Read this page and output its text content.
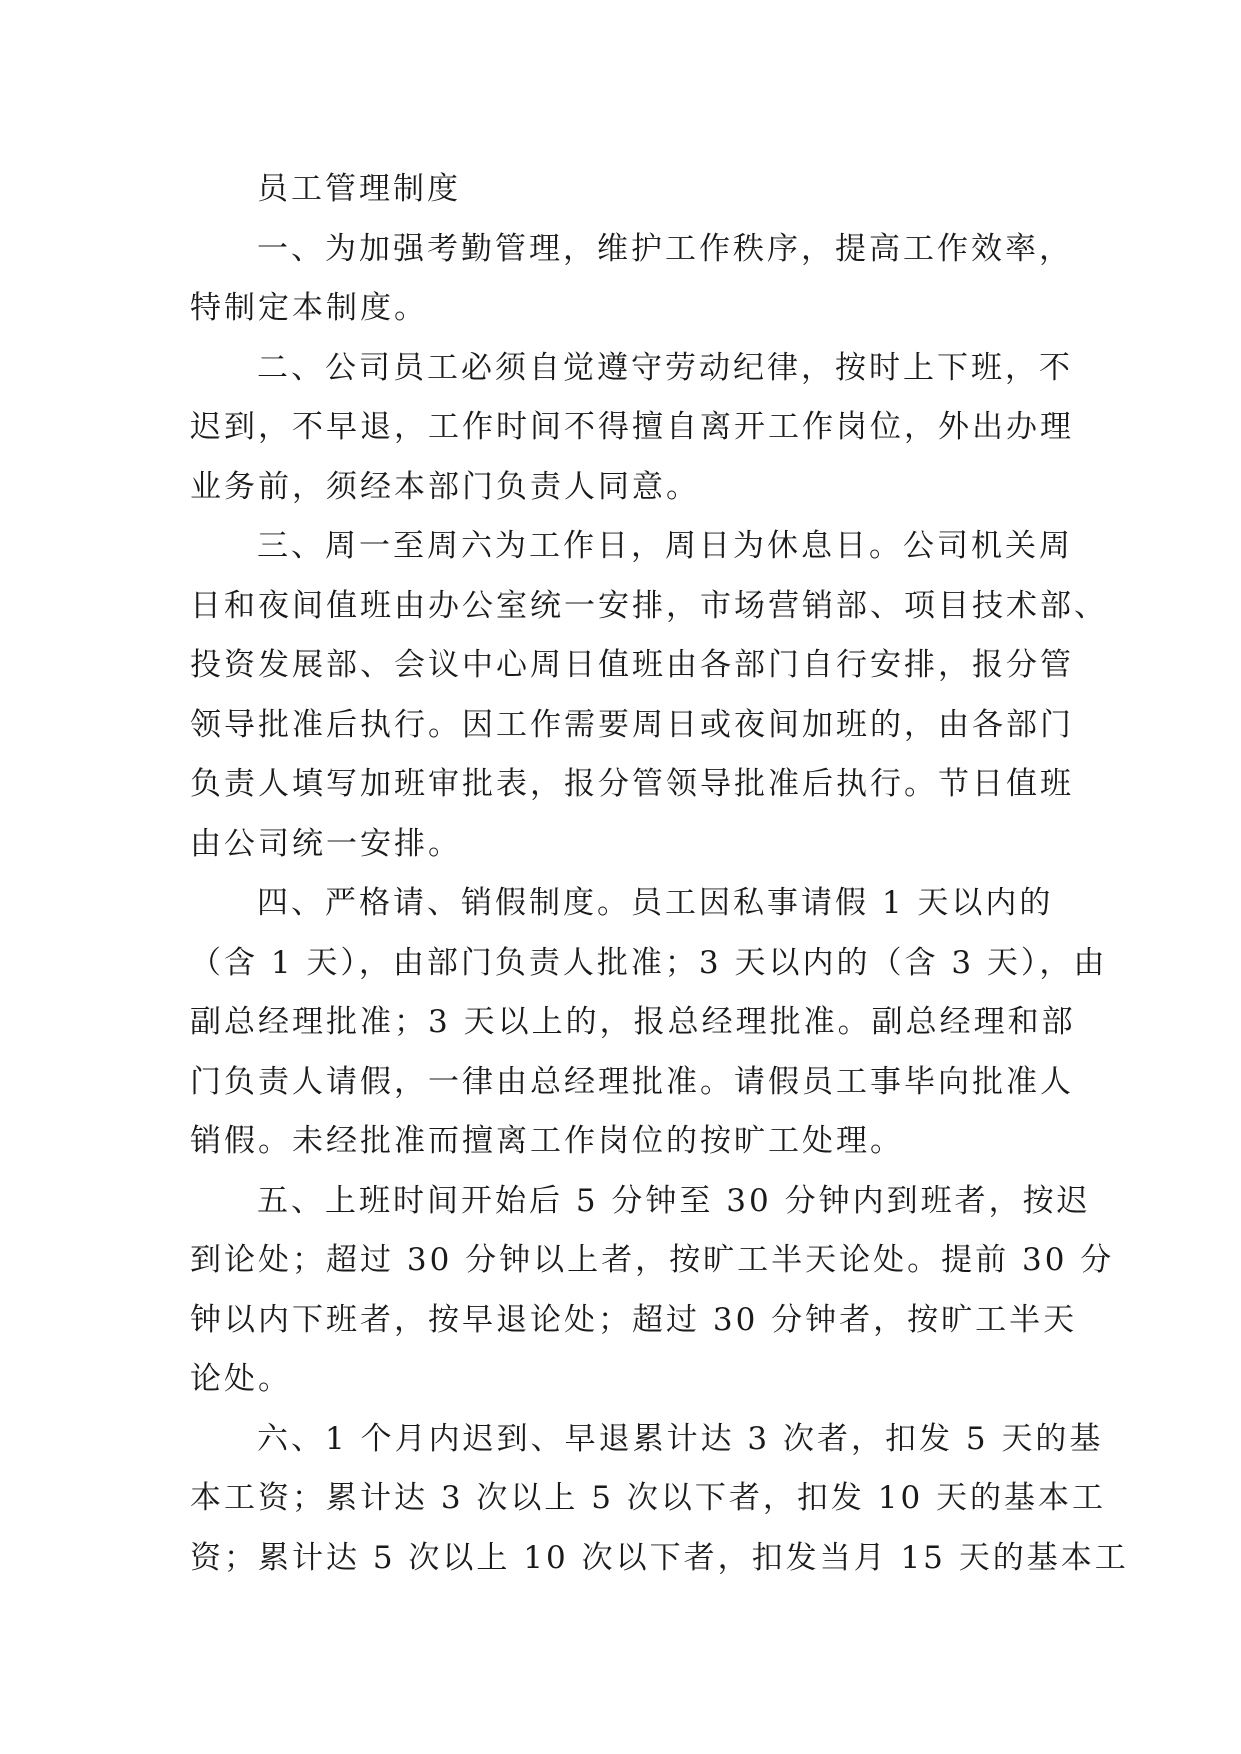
员工管理制度
一、为加强考勤管理，维护工作秩序，提高工作效率，
特制定本制度。
二、公司员工必须自觉遵守劳动纪律，按时上下班，不
迟到，不早退，工作时间不得擅自离开工作岗位，外出办理
业务前，须经本部门负责人同意。
三、周一至周六为工作日，周日为休息日。公司机关周
日和夜间值班由办公室统一安排，市场营销部、项目技术部、
投资发展部、会议中心周日值班由各部门自行安排，报分管
领导批准后执行。因工作需要周日或夜间加班的，由各部门
负责人填写加班审批表，报分管领导批准后执行。节日值班
由公司统一安排。
四、严格请、销假制度。员工因私事请假 1 天以内的
（含 1 天），由部门负责人批准；3 天以内的（含 3 天），由
副总经理批准；3 天以上的，报总经理批准。副总经理和部
门负责人请假，一律由总经理批准。请假员工事毕向批准人
销假。未经批准而擅离工作岗位的按旷工处理。
五、上班时间开始后 5 分钟至 30 分钟内到班者，按迟
到论处；超过 30 分钟以上者，按旷工半天论处。提前 30 分
钟以内下班者，按早退论处；超过 30 分钟者，按旷工半天
论处。
六、1 个月内迟到、早退累计达 3 次者，扣发 5 天的基
本工资；累计达 3 次以上 5 次以下者，扣发 10 天的基本工
资；累计达 5 次以上 10 次以下者，扣发当月 15 天的基本工
